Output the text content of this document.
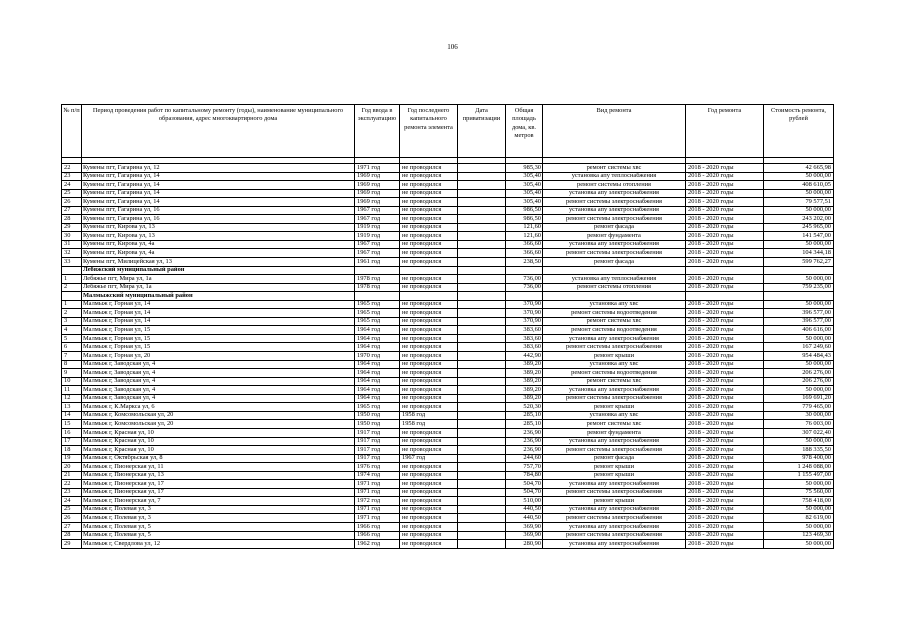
106
№ п/п	Период проведения работ по капитальному ремонту (годы), наименование муниципального образования, адрес многоквартирного дома	Год ввода в эксплуатацию	Год последнего капитального ремонта элемента	Дата приватизации	Общая площадь дома, кв. метров	Вид ремонта	Год ремонта	Стоимость ремонта, рублей

22	Кумены пгт, Гагарина ул, 12	1971 год	не проводился		985,30	ремонт системы хвс	2018 - 2020 годы	42 665,98
23	Кумены пгт, Гагарина ул, 14	1969 год	не проводился		305,40	установка апу теплоснабжения	2018 - 2020 годы	50 000,00
24	Кумены пгт, Гагарина ул, 14	1969 год	не проводился		305,40	ремонт системы отопления	2018 - 2020 годы	408 610,05
25	Кумены пгт, Гагарина ул, 14	1969 год	не проводился		305,40	установка апу электроснабжения	2018 - 2020 годы	50 000,00
26	Кумены пгт, Гагарина ул, 14	1969 год	не проводился		305,40	ремонт системы электроснабжения	2018 - 2020 годы	79 577,51
27	Кумены пгт, Гагарина ул, 16	1967 год	не проводился		986,50	установка апу электроснабжения	2018 - 2020 годы	50 000,00
28	Кумены пгт, Гагарина ул, 16	1967 год	не проводился		986,50	ремонт системы электроснабжения	2018 - 2020 годы	243 202,00
29	Кумены пгт, Кирова ул, 13	1919 год	не проводился		121,60	ремонт фасада	2018 - 2020 годы	245 965,00
30	Кумены пгт, Кирова ул, 13	1919 год	не проводился		121,60	ремонт фундамента	2018 - 2020 годы	141 547,00
31	Кумены пгт, Кирова ул, 4а	1967 год	не проводился		366,60	установка апу электроснабжения	2018 - 2020 годы	50 000,00
32	Кумены пгт, Кирова ул, 4а	1967 год	не проводился		366,60	ремонт системы электроснабжения	2018 - 2020 годы	104 344,18
33	Кумены пгт, Милицейская ул, 13	1961 год	не проводился		238,50	ремонт фасада	2018 - 2020 годы	599 762,27
	Лебяжский муниципальный район							
1	Лебяжье пгт, Мира ул, 1а	1978 год	не проводился		736,00	установка апу теплоснабжения	2018 - 2020 годы	50 000,00
2	Лебяжье пгт, Мира ул, 1а	1978 год	не проводился		736,00	ремонт системы отопления	2018 - 2020 годы	759 235,00
	Малмыжский муниципальный район							
1	Малмыж г, Горная ул, 14	1965 год	не проводился		370,90	установка апу хвс	2018 - 2020 годы	50 000,00
2	Малмыж г, Горная ул, 14	1965 год	не проводился		370,90	ремонт системы водоотведения	2018 - 2020 годы	396 577,00
3	Малмыж г, Горная ул, 14	1965 год	не проводился		370,90	ремонт системы хвс	2018 - 2020 годы	396 577,00
4	Малмыж г, Горная ул, 15	1964 год	не проводился		383,60	ремонт системы водоотведения	2018 - 2020 годы	406 616,00
5	Малмыж г, Горная ул, 15	1964 год	не проводился		383,60	установка апу электроснабжения	2018 - 2020 годы	50 000,00
6	Малмыж г, Горная ул, 15	1964 год	не проводился		383,60	ремонт системы электроснабжения	2018 - 2020 годы	167 249,60
7	Малмыж г, Горная ул, 20	1970 год	не проводился		442,90	ремонт крыши	2018 - 2020 годы	954 484,43
8	Малмыж г, Заводская ул, 4	1964 год	не проводился		389,20	установка апу хвс	2018 - 2020 годы	50 000,00
9	Малмыж г, Заводская ул, 4	1964 год	не проводился		389,20	ремонт системы водоотведения	2018 - 2020 годы	206 276,00
10	Малмыж г, Заводская ул, 4	1964 год	не проводился		389,20	ремонт системы хвс	2018 - 2020 годы	206 276,00
11	Малмыж г, Заводская ул, 4	1964 год	не проводился		389,20	установка апу электроснабжения	2018 - 2020 годы	50 000,00
12	Малмыж г, Заводская ул, 4	1964 год	не проводился		389,20	ремонт системы электроснабжения	2018 - 2020 годы	169 691,20
13	Малмыж г, К.Маркса ул, 6	1965 год	не проводился		520,30	ремонт крыши	2018 - 2020 годы	779 465,00
14	Малмыж г, Комсомольская ул, 20	1950 год	1958 год		285,10	установка апу хвс	2018 - 2020 годы	30 000,00
15	Малмыж г, Комсомольская ул, 20	1950 год	1958 год		285,10	ремонт системы хвс	2018 - 2020 годы	76 003,00
16	Малмыж г, Красная ул, 10	1917 год	не проводился		236,90	ремонт фундамента	2018 - 2020 годы	307 022,40
17	Малмыж г, Красная ул, 10	1917 год	не проводился		236,90	установка апу электроснабжения	2018 - 2020 годы	50 000,00
18	Малмыж г, Красная ул, 10	1917 год	не проводился		236,90	ремонт системы электроснабжения	2018 - 2020 годы	188 335,50
19	Малмыж г, Октябрьская ул, 8	1917 год	1967 год		244,60	ремонт фасада	2018 - 2020 годы	978 400,00
20	Малмыж г, Пионерская ул, 11	1976 год	не проводился		757,70	ремонт крыши	2018 - 2020 годы	1 248 088,00
21	Малмыж г, Пионерская ул, 13	1974 год	не проводился		784,80	ремонт крыши	2018 - 2020 годы	1 155 497,00
22	Малмыж г, Пионерская ул, 17	1971 год	не проводился		504,70	установка апу электроснабжения	2018 - 2020 годы	50 000,00
23	Малмыж г, Пионерская ул, 17	1971 год	не проводился		504,70	ремонт системы электроснабжения	2018 - 2020 годы	75 560,00
24	Малмыж г, Пионерская ул, 7	1972 год	не проводился		510,00	ремонт крыши	2018 - 2020 годы	758 418,00
25	Малмыж г, Полевая ул, 3	1971 год	не проводился		440,50	установка апу электроснабжения	2018 - 2020 годы	50 000,00
26	Малмыж г, Полевая ул, 3	1971 год	не проводился		440,50	ремонт системы электроснабжения	2018 - 2020 годы	82 619,00
27	Малмыж г, Полевая ул, 5	1966 год	не проводился		369,90	установка апу электроснабжения	2018 - 2020 годы	50 000,00
28	Малмыж г, Полевая ул, 5	1966 год	не проводился		369,90	ремонт системы электроснабжения	2018 - 2020 годы	123 469,30
29	Малмыж г, Свердлова ул, 12	1962 год	не проводился		280,90	установка апу электроснабжения	2018 - 2020 годы	50 000,00
